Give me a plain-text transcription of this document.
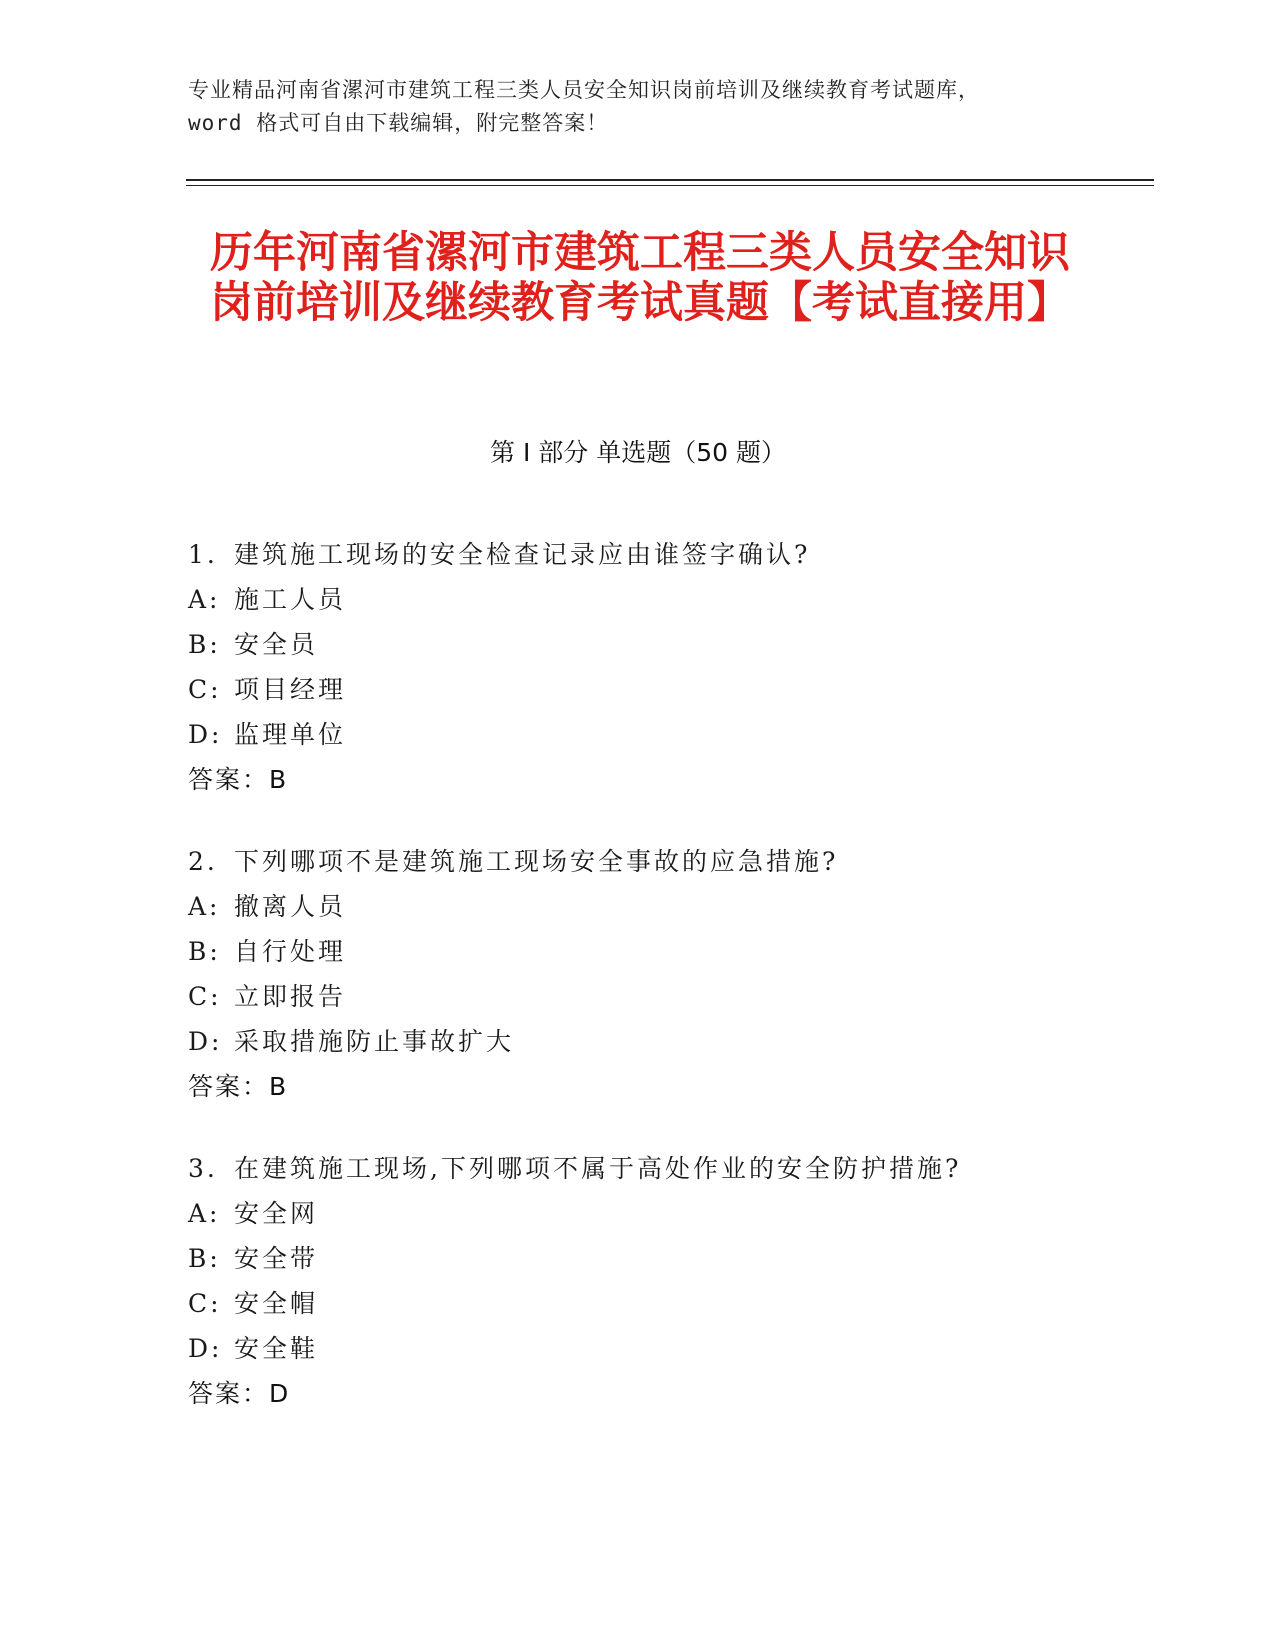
专业精品河南省漯河市建筑工程三类人员安全知识岗前培训及继续教育考试题库，
word 格式可自由下载编辑，附完整答案！
历年河南省漯河市建筑工程三类人员安全知识岗前培训及继续教育考试真题【考试直接用】
第 I 部分 单选题（50 题）
1. 建筑施工现场的安全检查记录应由谁签字确认?
A: 施工人员
B: 安全员
C: 项目经理
D: 监理单位
答案：B
2. 下列哪项不是建筑施工现场安全事故的应急措施?
A: 撤离人员
B: 自行处理
C: 立即报告
D: 采取措施防止事故扩大
答案：B
3. 在建筑施工现场,下列哪项不属于高处作业的安全防护措施?
A: 安全网
B: 安全带
C: 安全帽
D: 安全鞋
答案：D
